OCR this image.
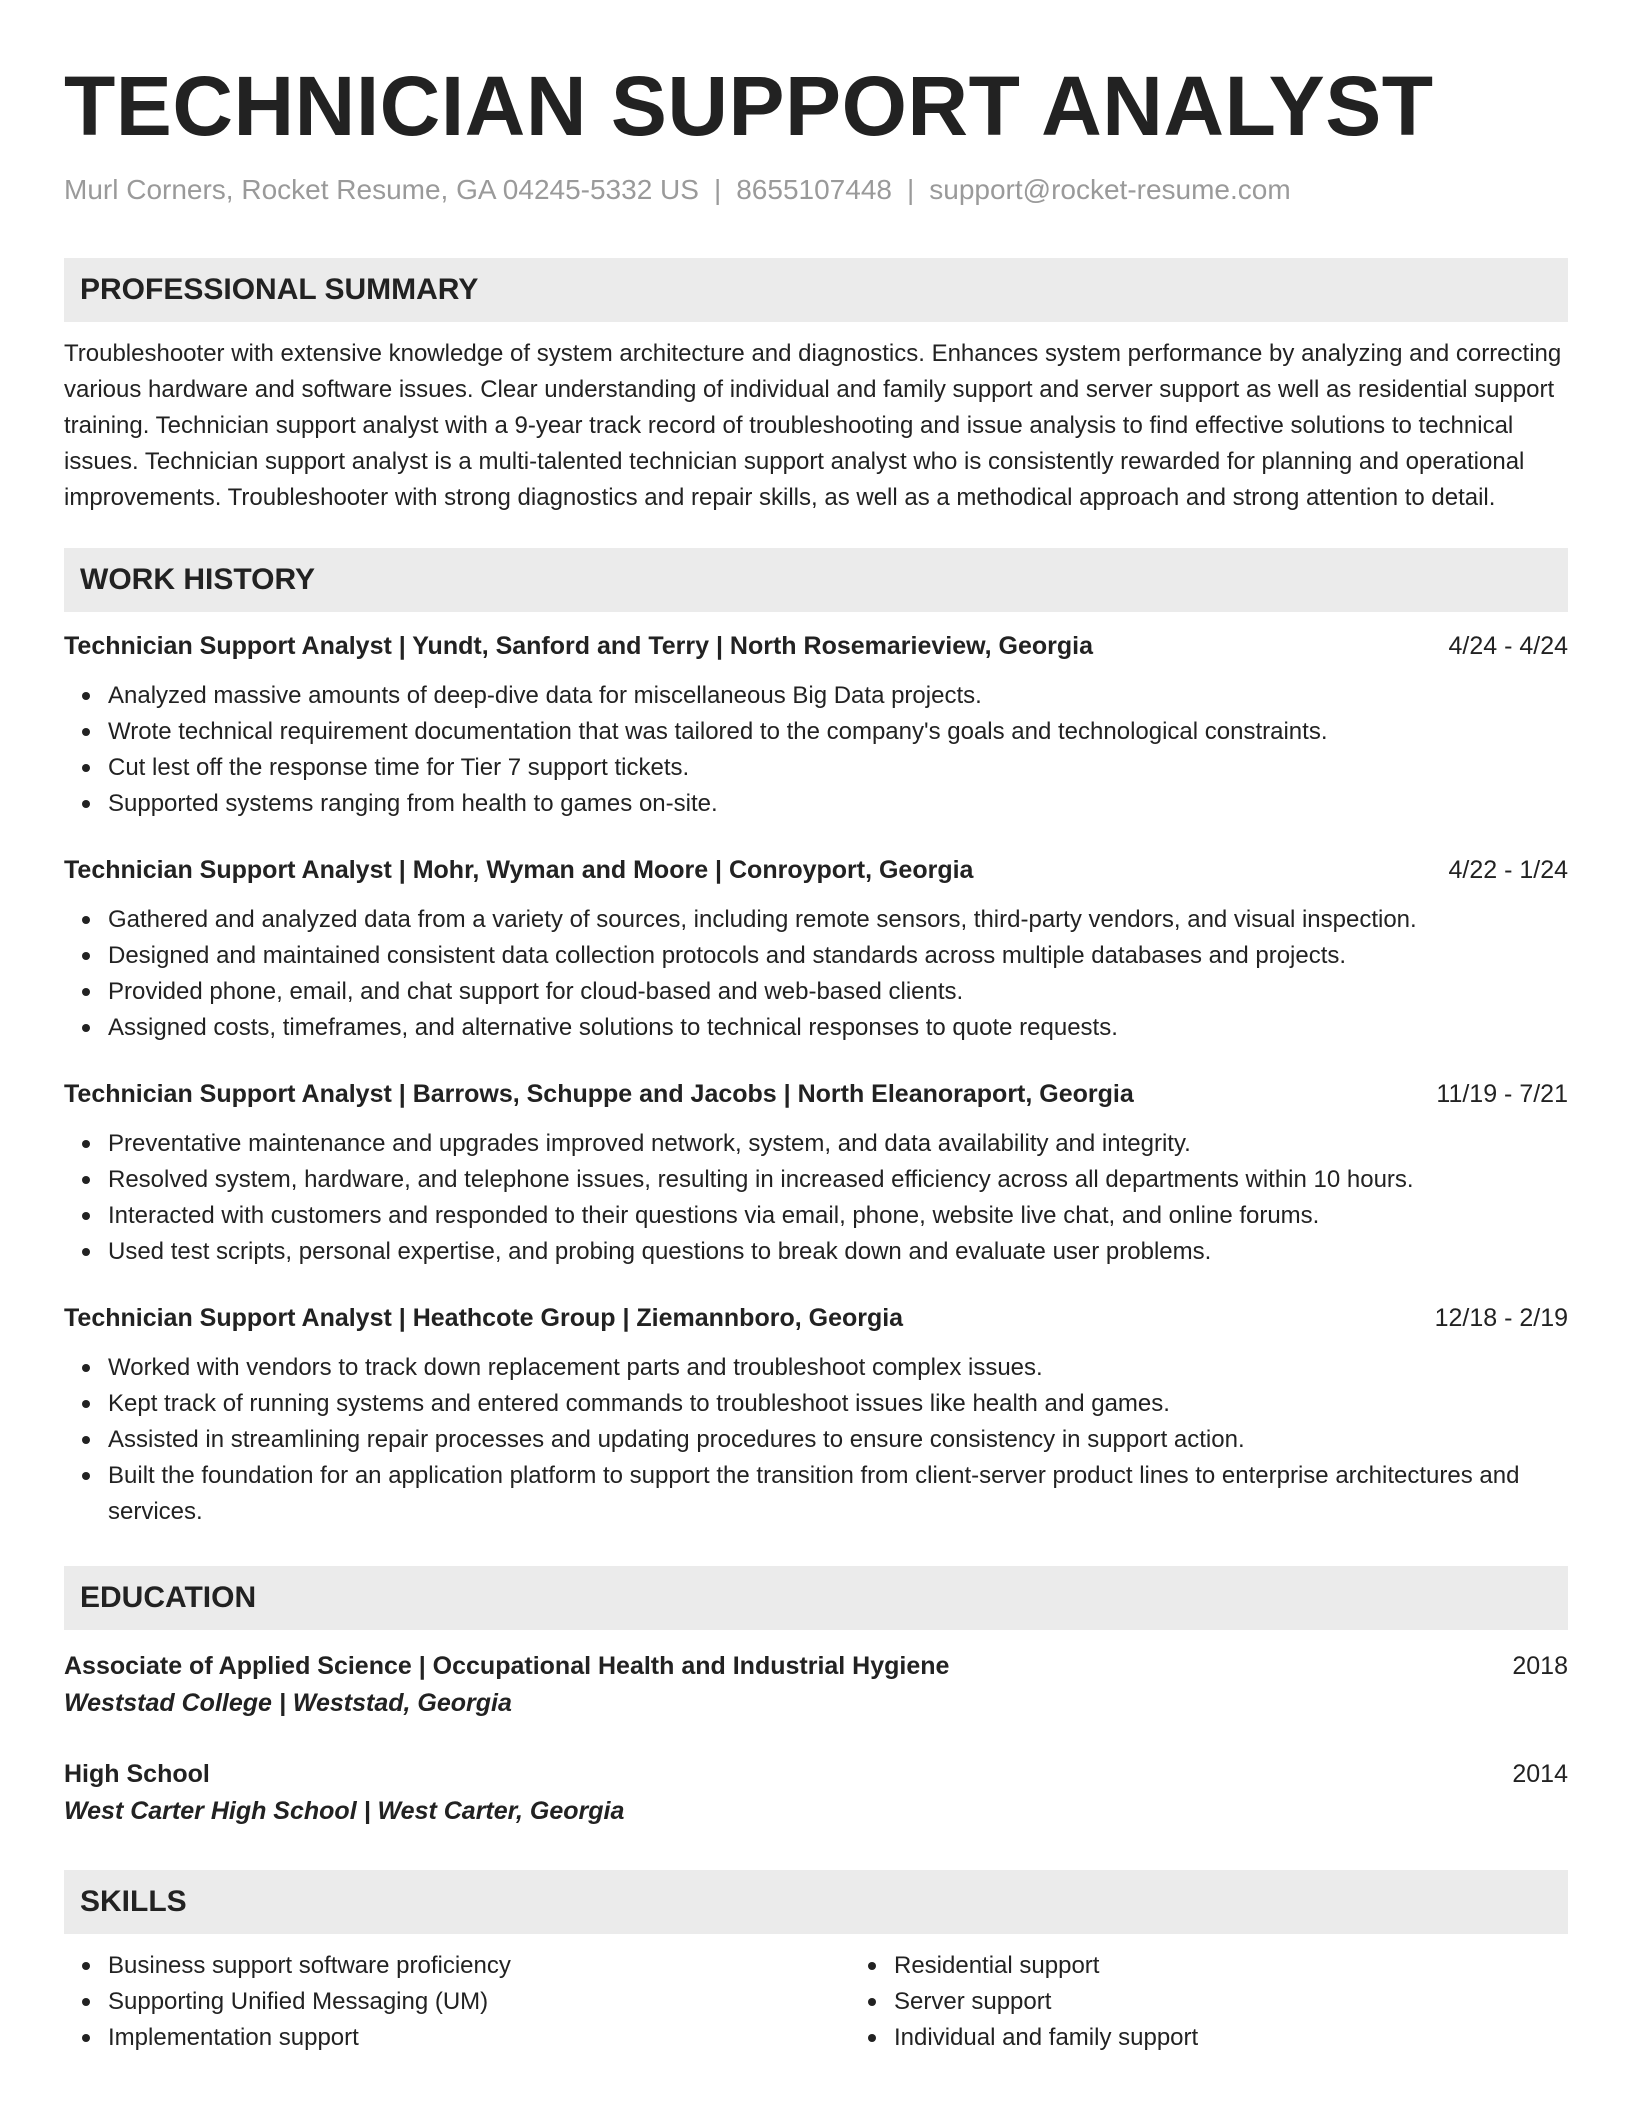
TECHNICIAN SUPPORT ANALYST
Murl Corners, Rocket Resume, GA 04245-5332 US | 8655107448 | support@rocket-resume.com
PROFESSIONAL SUMMARY
Troubleshooter with extensive knowledge of system architecture and diagnostics. Enhances system performance by analyzing and correcting various hardware and software issues. Clear understanding of individual and family support and server support as well as residential support training. Technician support analyst with a 9-year track record of troubleshooting and issue analysis to find effective solutions to technical issues. Technician support analyst is a multi-talented technician support analyst who is consistently rewarded for planning and operational improvements. Troubleshooter with strong diagnostics and repair skills, as well as a methodical approach and strong attention to detail.
WORK HISTORY
Technician Support Analyst | Yundt, Sanford and Terry | North Rosemarieview, Georgia	4/24 - 4/24
Analyzed massive amounts of deep-dive data for miscellaneous Big Data projects.
Wrote technical requirement documentation that was tailored to the company's goals and technological constraints.
Cut lest off the response time for Tier 7 support tickets.
Supported systems ranging from health to games on-site.
Technician Support Analyst | Mohr, Wyman and Moore | Conroyport, Georgia	4/22 - 1/24
Gathered and analyzed data from a variety of sources, including remote sensors, third-party vendors, and visual inspection.
Designed and maintained consistent data collection protocols and standards across multiple databases and projects.
Provided phone, email, and chat support for cloud-based and web-based clients.
Assigned costs, timeframes, and alternative solutions to technical responses to quote requests.
Technician Support Analyst | Barrows, Schuppe and Jacobs | North Eleanoraport, Georgia	11/19 - 7/21
Preventative maintenance and upgrades improved network, system, and data availability and integrity.
Resolved system, hardware, and telephone issues, resulting in increased efficiency across all departments within 10 hours.
Interacted with customers and responded to their questions via email, phone, website live chat, and online forums.
Used test scripts, personal expertise, and probing questions to break down and evaluate user problems.
Technician Support Analyst | Heathcote Group | Ziemannboro, Georgia	12/18 - 2/19
Worked with vendors to track down replacement parts and troubleshoot complex issues.
Kept track of running systems and entered commands to troubleshoot issues like health and games.
Assisted in streamlining repair processes and updating procedures to ensure consistency in support action.
Built the foundation for an application platform to support the transition from client-server product lines to enterprise architectures and services.
EDUCATION
Associate of Applied Science | Occupational Health and Industrial Hygiene	2018
Weststad College | Weststad, Georgia
High School	2014
West Carter High School | West Carter, Georgia
SKILLS
Business support software proficiency
Supporting Unified Messaging (UM)
Implementation support
Residential support
Server support
Individual and family support
